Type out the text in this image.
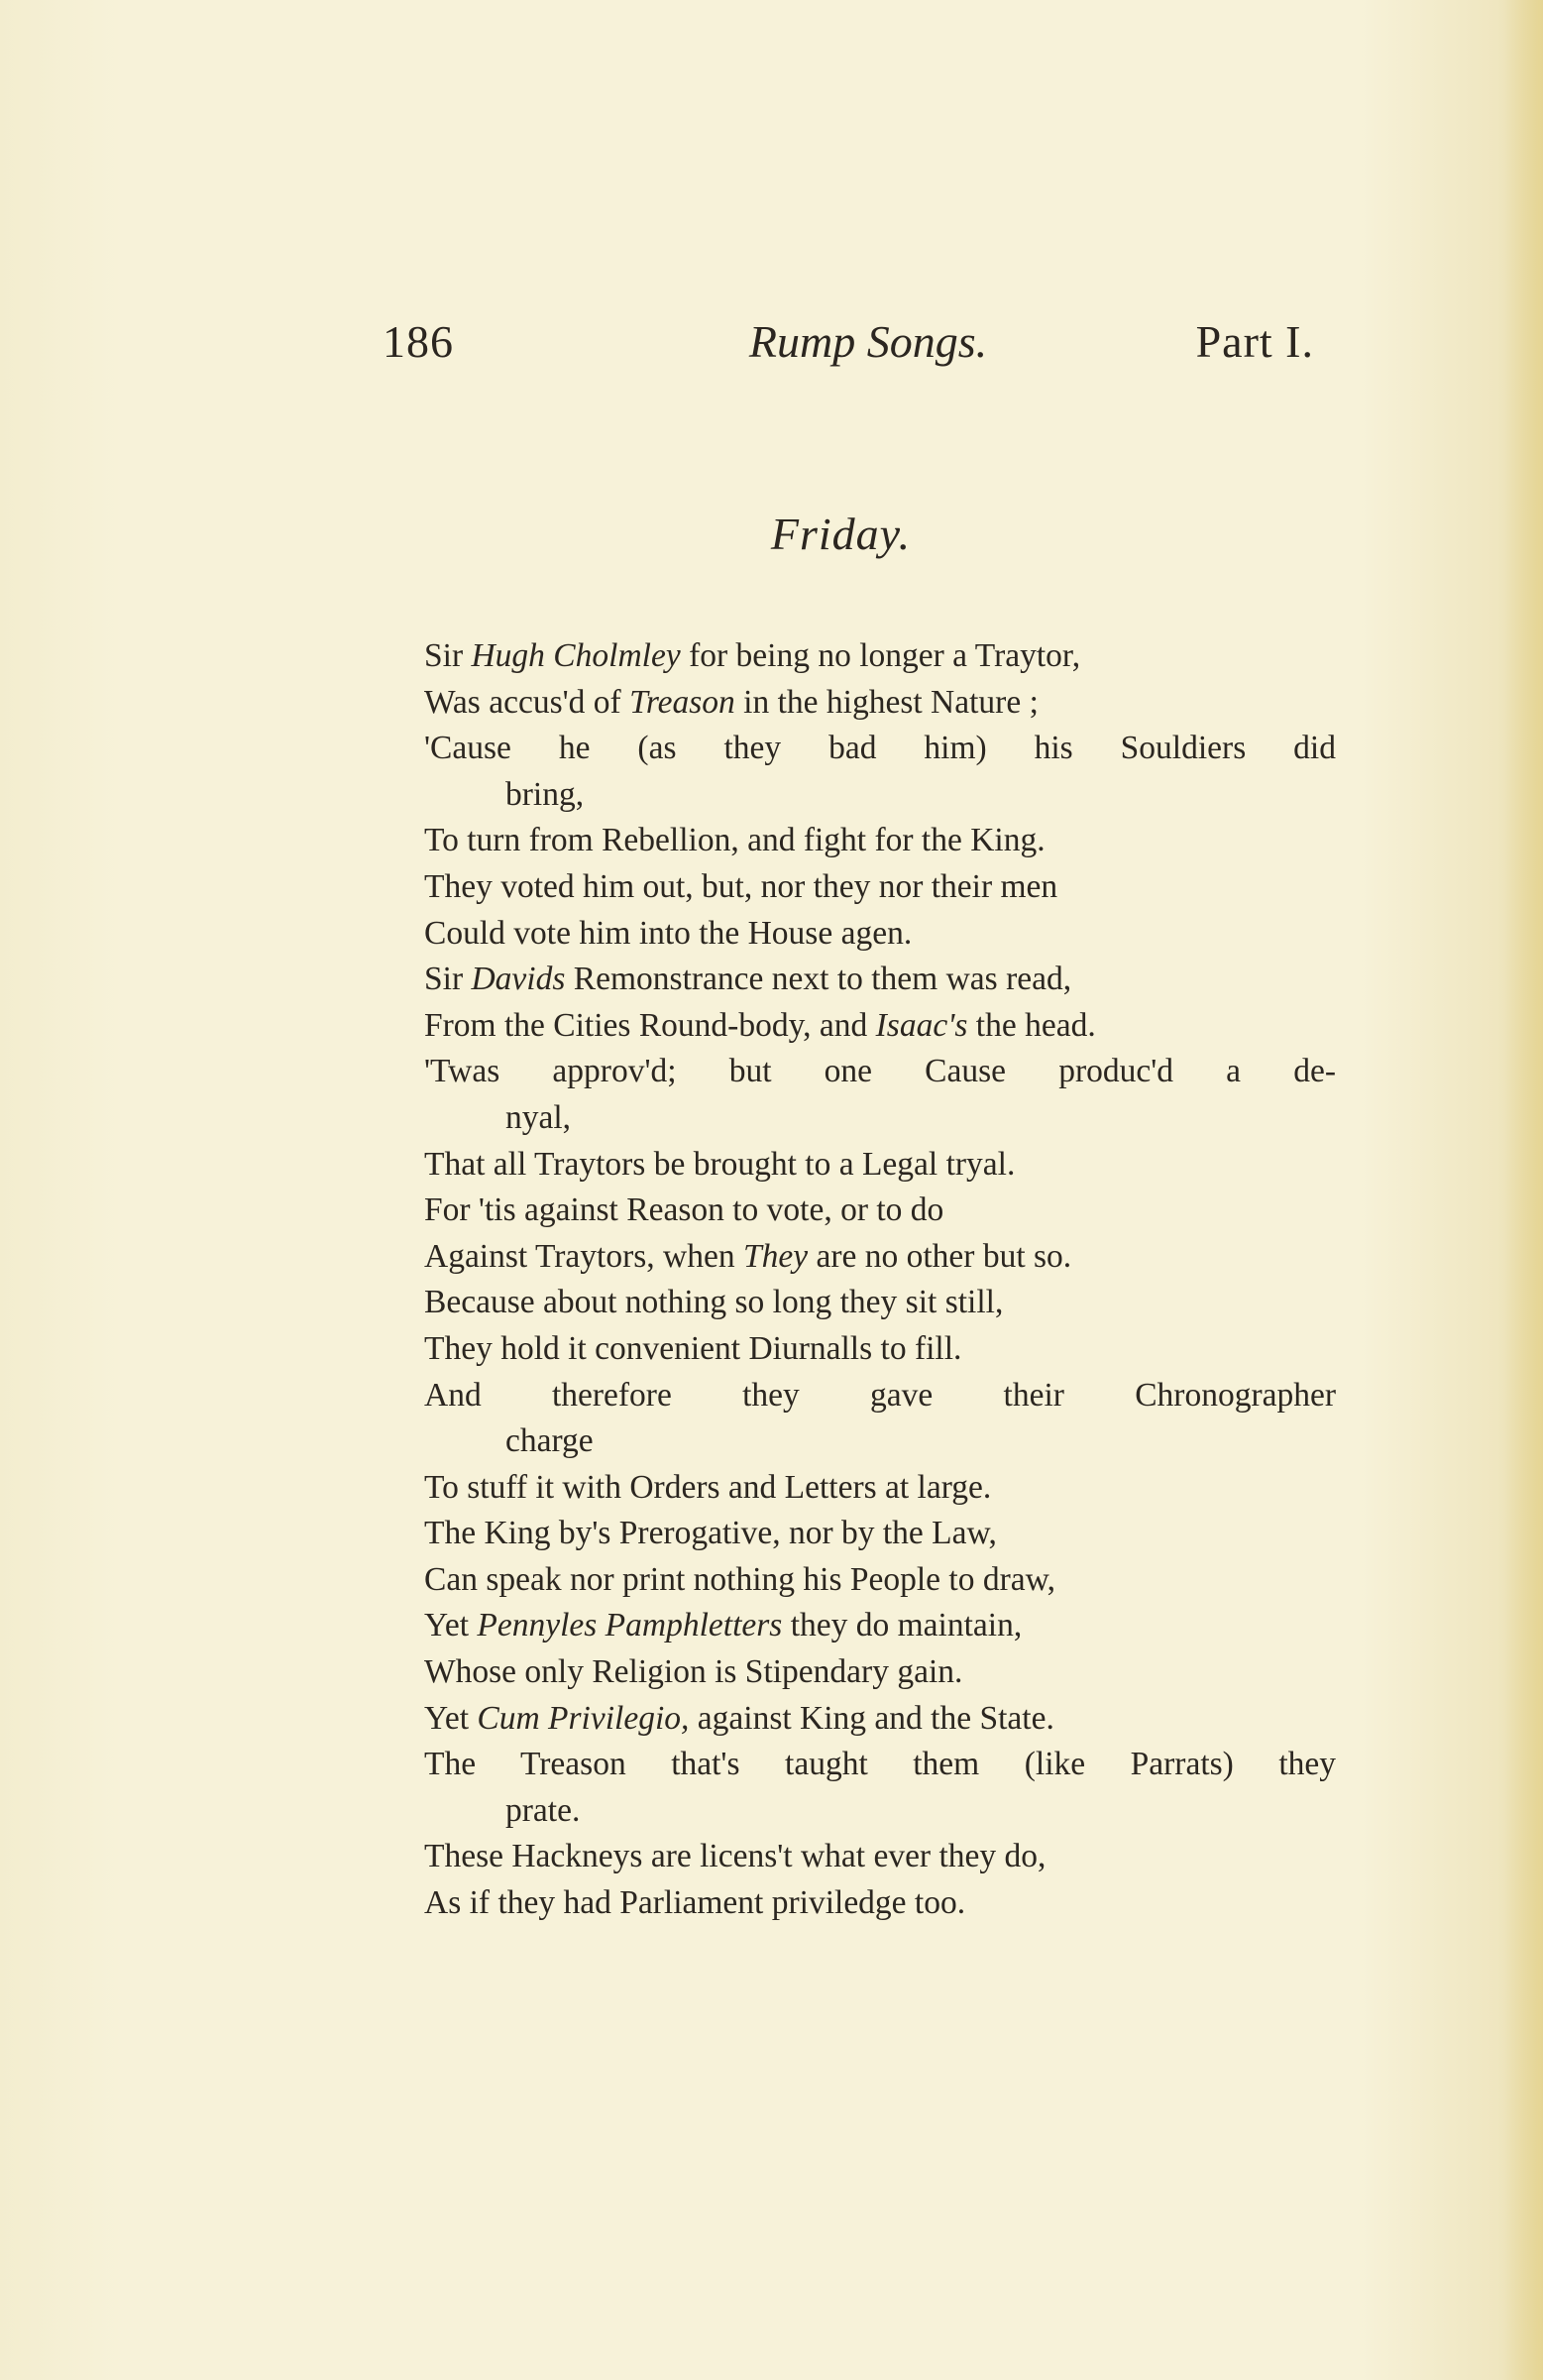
186	Rump Songs.	Part I.
Friday.
Sir Hugh Cholmley for being no longer a Traytor,
Was accus'd of Treason in the highest Nature ;
'Cause he (as they bad him) his Souldiers did
bring,
To turn from Rebellion, and fight for the King.
They voted him out, but, nor they nor their men
Could vote him into the House agen.
Sir Davids Remonstrance next to them was read,
From the Cities Round-body, and Isaac's the head.
'Twas approv'd; but one Cause produc'd a de-
nyal,
That all Traytors be brought to a Legal tryal.
For 'tis against Reason to vote, or to do
Against Traytors, when They are no other but so.
Because about nothing so long they sit still,
They hold it convenient Diurnalls to fill.
And therefore they gave their Chronographer
charge
To stuff it with Orders and Letters at large.
The King by's Prerogative, nor by the Law,
Can speak nor print nothing his People to draw,
Yet Pennyles Pamphletters they do maintain,
Whose only Religion is Stipendary gain.
Yet Cum Privilegio, against King and the State.
The Treason that's taught them (like Parrats) they
prate.
These Hackneys are licens't what ever they do,
As if they had Parliament priviledge too.
